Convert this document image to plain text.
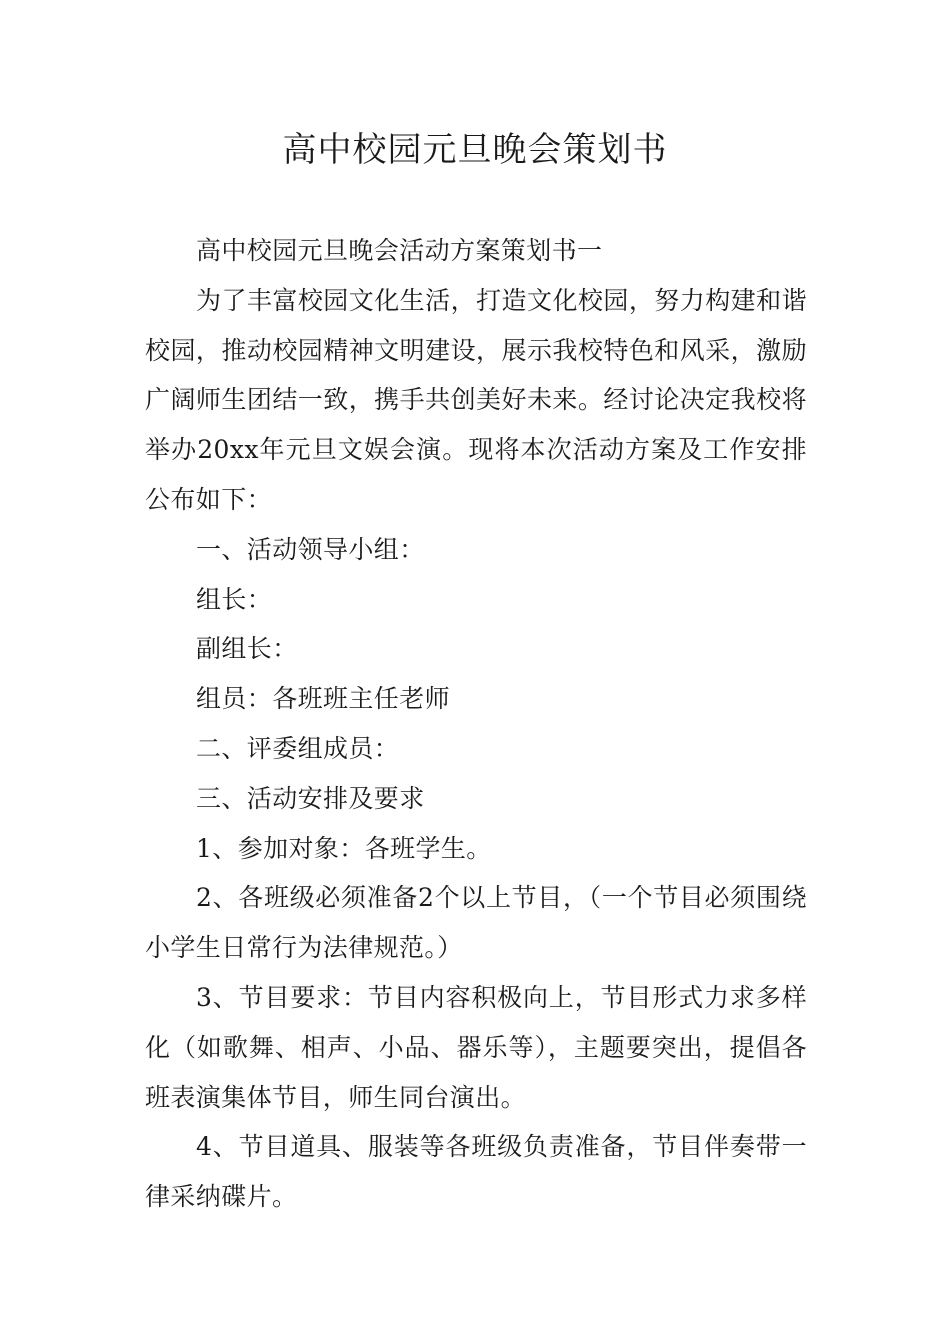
高中校园元旦晚会策划书

高中校园元旦晚会活动方案策划书一

为了丰富校园文化生活，打造文化校园，努力构建和谐校园，推动校园精神文明建设，展示我校特色和风采，激励广阔师生团结一致，携手共创美好未来。经讨论决定我校将举办20xx年元旦文娱会演。现将本次活动方案及工作安排公布如下：

一、活动领导小组：

组长：

副组长：

组员：各班班主任老师

二、评委组成员：

三、活动安排及要求

1、参加对象：各班学生。

2、各班级必须准备2个以上节目，（一个节目必须围绕小学生日常行为法律规范。）

3、节目要求：节目内容积极向上，节目形式力求多样化（如歌舞、相声、小品、器乐等），主题要突出，提倡各班表演集体节目，师生同台演出。

4、节目道具、服装等各班级负责准备，节目伴奏带一律采纳碟片。
